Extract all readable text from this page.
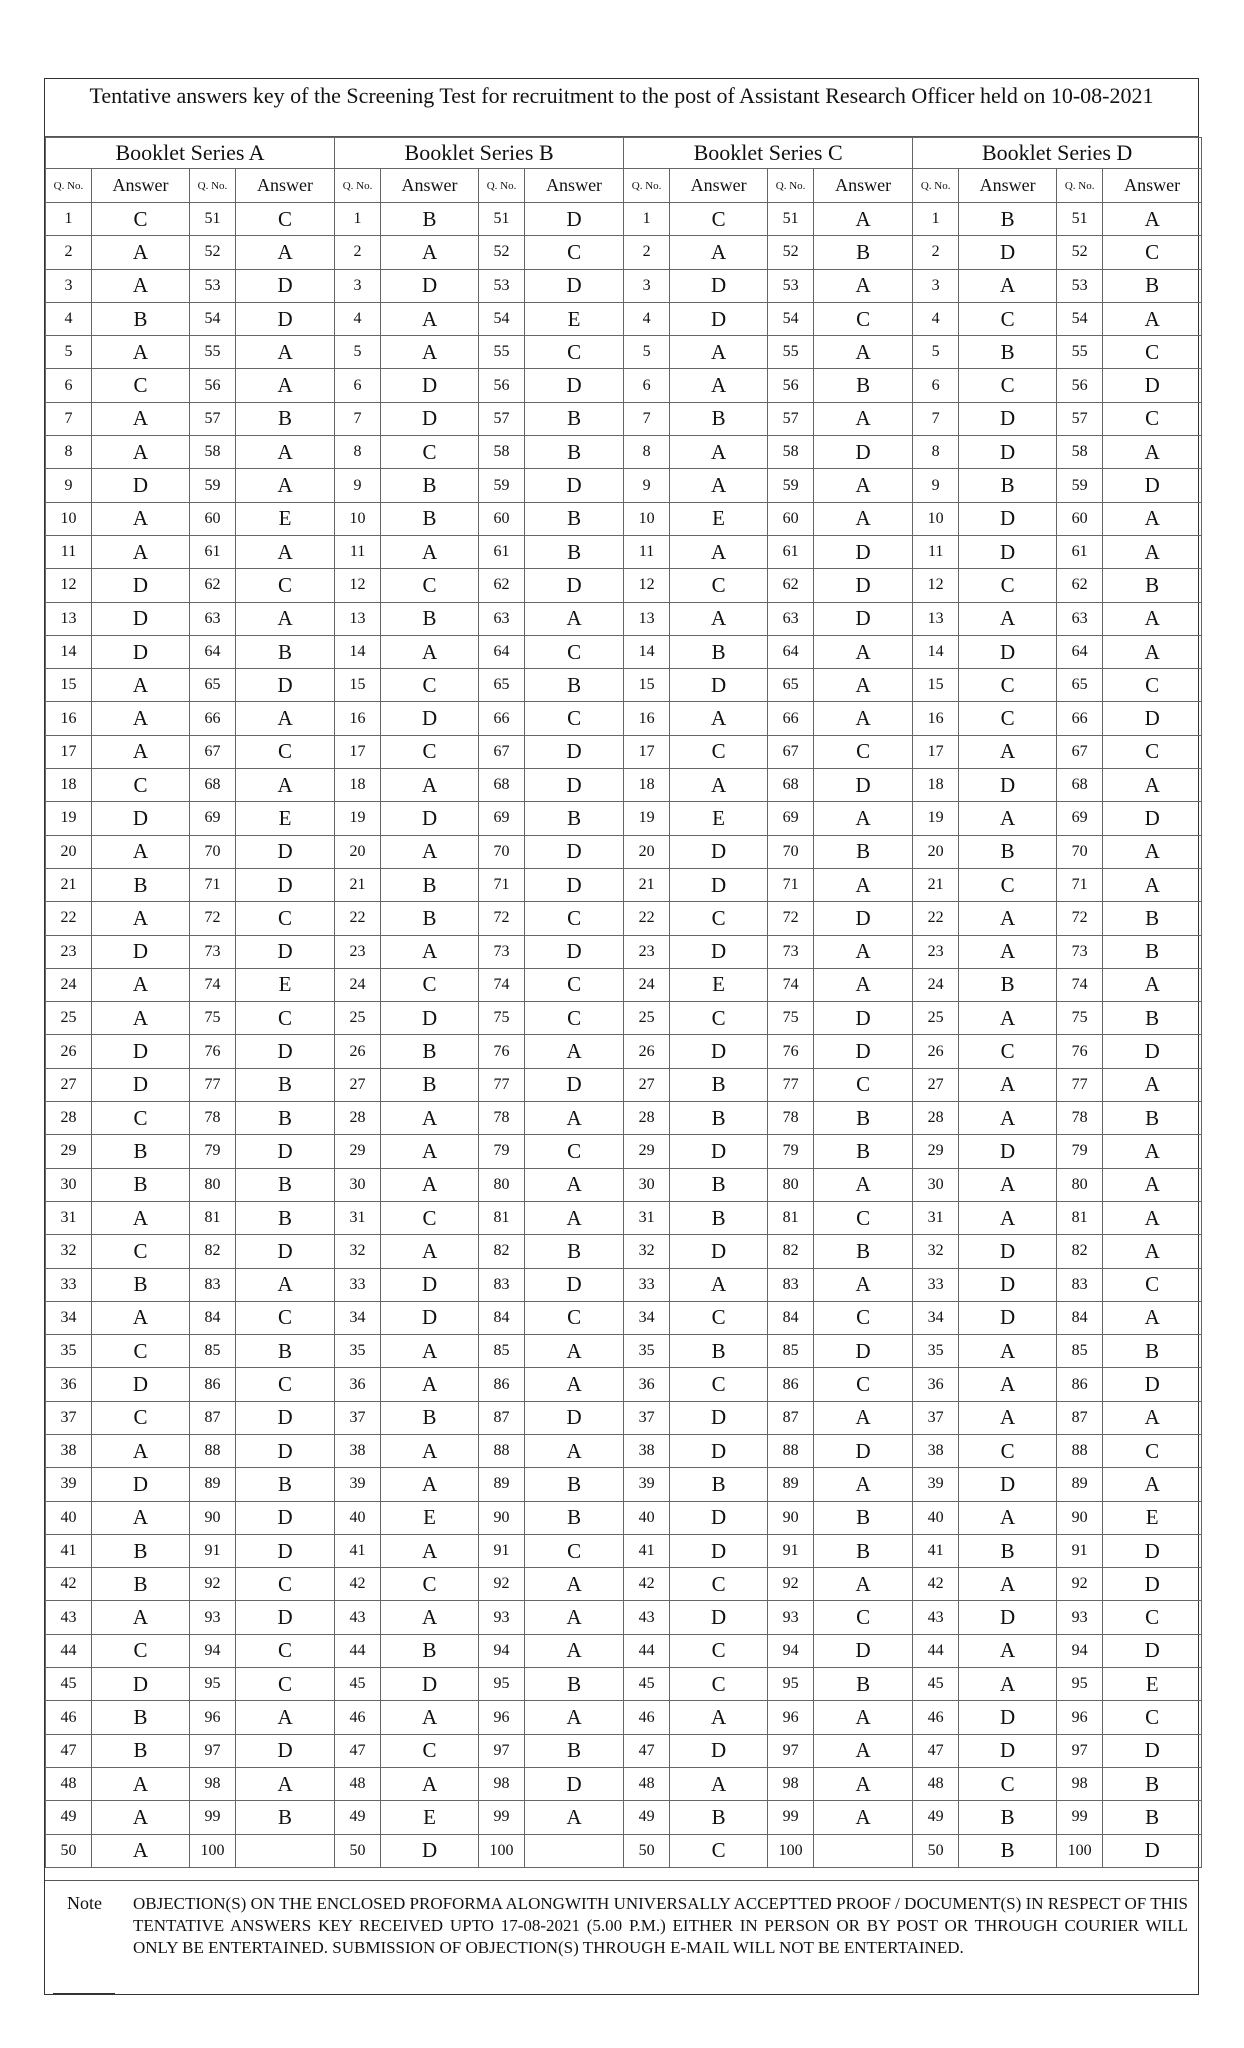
Tentative answers key of the Screening Test for recruitment to the post of Assistant Research Officer held on 10-08-2021
Booklet Series A				Booklet Series B				Booklet Series C				Booklet Series D			
Q. No.	Answer	Q. No.	Answer	Q. No.	Answer	Q. No.	Answer	Q. No.	Answer	Q. No.	Answer	Q. No.	Answer	Q. No.	Answer
1	C	51	C	1	B	51	D	1	C	51	A	1	B	51	A
2	A	52	A	2	A	52	C	2	A	52	B	2	D	52	C
3	A	53	D	3	D	53	D	3	D	53	A	3	A	53	B
4	B	54	D	4	A	54	E	4	D	54	C	4	C	54	A
5	A	55	A	5	A	55	C	5	A	55	A	5	B	55	C
6	C	56	A	6	D	56	D	6	A	56	B	6	C	56	D
7	A	57	B	7	D	57	B	7	B	57	A	7	D	57	C
8	A	58	A	8	C	58	B	8	A	58	D	8	D	58	A
9	D	59	A	9	B	59	D	9	A	59	A	9	B	59	D
10	A	60	E	10	B	60	B	10	E	60	A	10	D	60	A
11	A	61	A	11	A	61	B	11	A	61	D	11	D	61	A
12	D	62	C	12	C	62	D	12	C	62	D	12	C	62	B
13	D	63	A	13	B	63	A	13	A	63	D	13	A	63	A
14	D	64	B	14	A	64	C	14	B	64	A	14	D	64	A
15	A	65	D	15	C	65	B	15	D	65	A	15	C	65	C
16	A	66	A	16	D	66	C	16	A	66	A	16	C	66	D
17	A	67	C	17	C	67	D	17	C	67	C	17	A	67	C
18	C	68	A	18	A	68	D	18	A	68	D	18	D	68	A
19	D	69	E	19	D	69	B	19	E	69	A	19	A	69	D
20	A	70	D	20	A	70	D	20	D	70	B	20	B	70	A
21	B	71	D	21	B	71	D	21	D	71	A	21	C	71	A
22	A	72	C	22	B	72	C	22	C	72	D	22	A	72	B
23	D	73	D	23	A	73	D	23	D	73	A	23	A	73	B
24	A	74	E	24	C	74	C	24	E	74	A	24	B	74	A
25	A	75	C	25	D	75	C	25	C	75	D	25	A	75	B
26	D	76	D	26	B	76	A	26	D	76	D	26	C	76	D
27	D	77	B	27	B	77	D	27	B	77	C	27	A	77	A
28	C	78	B	28	A	78	A	28	B	78	B	28	A	78	B
29	B	79	D	29	A	79	C	29	D	79	B	29	D	79	A
30	B	80	B	30	A	80	A	30	B	80	A	30	A	80	A
31	A	81	B	31	C	81	A	31	B	81	C	31	A	81	A
32	C	82	D	32	A	82	B	32	D	82	B	32	D	82	A
33	B	83	A	33	D	83	D	33	A	83	A	33	D	83	C
34	A	84	C	34	D	84	C	34	C	84	C	34	D	84	A
35	C	85	B	35	A	85	A	35	B	85	D	35	A	85	B
36	D	86	C	36	A	86	A	36	C	86	C	36	A	86	D
37	C	87	D	37	B	87	D	37	D	87	A	37	A	87	A
38	A	88	D	38	A	88	A	38	D	88	D	38	C	88	C
39	D	89	B	39	A	89	B	39	B	89	A	39	D	89	A
40	A	90	D	40	E	90	B	40	D	90	B	40	A	90	E
41	B	91	D	41	A	91	C	41	D	91	B	41	B	91	D
42	B	92	C	42	C	92	A	42	C	92	A	42	A	92	D
43	A	93	D	43	A	93	A	43	D	93	C	43	D	93	C
44	C	94	C	44	B	94	A	44	C	94	D	44	A	94	D
45	D	95	C	45	D	95	B	45	C	95	B	45	A	95	E
46	B	96	A	46	A	96	A	46	A	96	A	46	D	96	C
47	B	97	D	47	C	97	B	47	D	97	A	47	D	97	D
48	A	98	A	48	A	98	D	48	A	98	A	48	C	98	B
49	A	99	B	49	E	99	A	49	B	99	A	49	B	99	B
50	A	100		50	D	100		50	C	100		50	B	100	D
Note OBJECTION(S) ON THE ENCLOSED PROFORMA ALONGWITH UNIVERSALLY ACCEPTTED PROOF / DOCUMENT(S) IN RESPECT OF THIS TENTATIVE ANSWERS KEY RECEIVED UPTO 17-08-2021 (5.00 P.M.) EITHER IN PERSON OR BY POST OR THROUGH COURIER WILL ONLY BE ENTERTAINED. SUBMISSION OF OBJECTION(S) THROUGH E-MAIL WILL NOT BE ENTERTAINED.
